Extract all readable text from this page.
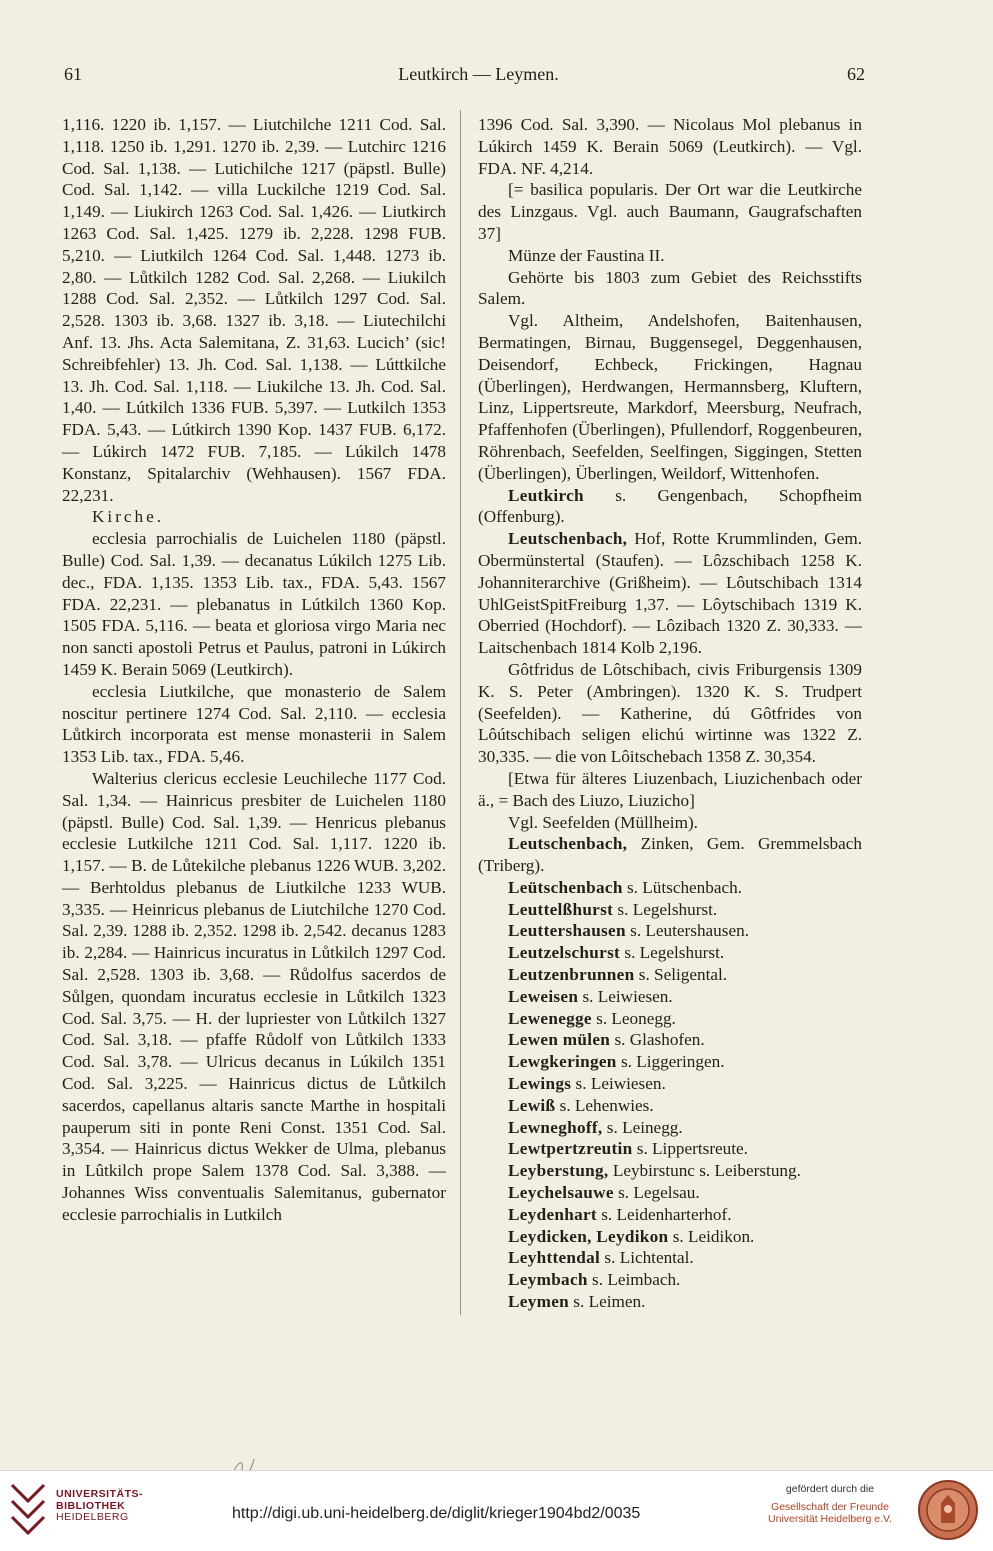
61	Leutkirch — Leymen.	62

1,116. 1220 ib. 1,157. — Liutchilche 1211 Cod. Sal. 1,118. 1250 ib. 1,291. 1270 ib. 2,39. — Lutchirc 1216 Cod. Sal. 1,138. — Lutichilche 1217 (päpstl. Bulle) Cod. Sal. 1,142. — villa Luckilche 1219 Cod. Sal. 1,149. — Liukirch 1263 Cod. Sal. 1,426. — Liutkirch 1263 Cod. Sal. 1,425. 1279 ib. 2,228. 1298 FUB. 5,210. — Liutkilch 1264 Cod. Sal. 1,448. 1273 ib. 2,80. — Lůtkilch 1282 Cod. Sal. 2,268. — Liukilch 1288 Cod. Sal. 2,352. — Lůtkilch 1297 Cod. Sal. 2,528. 1303 ib. 3,68. 1327 ib. 3,18. — Liutechilchi Anf. 13. Jhs. Acta Salemitana, Z. 31,63. Lucich’ (sic! Schreibfehler) 13. Jh. Cod. Sal. 1,138. — Lúttkilche 13. Jh. Cod. Sal. 1,118. — Liukilche 13. Jh. Cod. Sal. 1,40. — Lútkilch 1336 FUB. 5,397. — Lutkilch 1353 FDA. 5,43. — Lútkirch 1390 Kop. 1437 FUB. 6,172. — Lúkirch 1472 FUB. 7,185. — Lúkilch 1478 Konstanz, Spitalarchiv (Wehhausen). 1567 FDA. 22,231.

Kirche.

ecclesia parrochialis de Luichelen 1180 (päpstl. Bulle) Cod. Sal. 1,39. — decanatus Lúkilch 1275 Lib. dec., FDA. 1,135. 1353 Lib. tax., FDA. 5,43. 1567 FDA. 22,231. — plebanatus in Lútkilch 1360 Kop. 1505 FDA. 5,116. — beata et gloriosa virgo Maria nec non sancti apostoli Petrus et Paulus, patroni in Lúkirch 1459 K. Berain 5069 (Leutkirch).

ecclesia Liutkilche, que monasterio de Salem noscitur pertinere 1274 Cod. Sal. 2,110. — ecclesia Lůtkirch incorporata est mense monasterii in Salem 1353 Lib. tax., FDA. 5,46.

Walterius clericus ecclesie Leuchileche 1177 Cod. Sal. 1,34. — Hainricus presbiter de Luichelen 1180 (päpstl. Bulle) Cod. Sal. 1,39. — Henricus plebanus ecclesie Lutkilche 1211 Cod. Sal. 1,117. 1220 ib. 1,157. — B. de Lůtekilche plebanus 1226 WUB. 3,202. — Berhtoldus plebanus de Liutkilche 1233 WUB. 3,335. — Heinricus plebanus de Liutchilche 1270 Cod. Sal. 2,39. 1288 ib. 2,352. 1298 ib. 2,542. decanus 1283 ib. 2,284. — Hainricus incuratus in Lůtkilch 1297 Cod. Sal. 2,528. 1303 ib. 3,68. — Růdolfus sacerdos de Sůlgen, quondam incuratus ecclesie in Lůtkilch 1323 Cod. Sal. 3,75. — H. der lupriester von Lůtkilch 1327 Cod. Sal. 3,18. — pfaffe Růdolf von Lůtkilch 1333 Cod. Sal. 3,78. — Ulricus decanus in Lúkilch 1351 Cod. Sal. 3,225. — Hainricus dictus de Lůtkilch sacerdos, capellanus altaris sancte Marthe in hospitali pauperum siti in ponte Reni Const. 1351 Cod. Sal. 3,354. — Hainricus dictus Wekker de Ulma, plebanus in Lûtkilch prope Salem 1378 Cod. Sal. 3,388. — Johannes Wiss conventualis Salemitanus, gubernator ecclesie parrochialis in Lutkilch

1396 Cod. Sal. 3,390. — Nicolaus Mol plebanus in Lúkirch 1459 K. Berain 5069 (Leutkirch). — Vgl. FDA. NF. 4,214.

[= basilica popularis. Der Ort war die Leutkirche des Linzgaus. Vgl. auch Baumann, Gaugrafschaften 37]

Münze der Faustina II.

Gehörte bis 1803 zum Gebiet des Reichsstifts Salem.

Vgl. Altheim, Andelshofen, Baitenhausen, Bermatingen, Birnau, Buggensegel, Deggenhausen, Deisendorf, Echbeck, Frickingen, Hagnau (Überlingen), Herdwangen, Hermannsberg, Kluftern, Linz, Lippertsreute, Markdorf, Meersburg, Neufrach, Pfaffenhofen (Überlingen), Pfullendorf, Roggenbeuren, Röhrenbach, Seefelden, Seelfingen, Siggingen, Stetten (Überlingen), Überlingen, Weildorf, Wittenhofen.

Leutkirch s. Gengenbach, Schopfheim (Offenburg).

Leutschenbach, Hof, Rotte Krummlinden, Gem. Obermünstertal (Staufen). — Lôzschibach 1258 K. Johanniterarchive (Grißheim). — Lôutschibach 1314 UhlGeistSpitFreiburg 1,37. — Lôytschibach 1319 K. Oberried (Hochdorf). — Lôzibach 1320 Z. 30,333. — Laitschenbach 1814 Kolb 2,196.

Gôtfridus de Lôtschibach, civis Friburgensis 1309 K. S. Peter (Ambringen). 1320 K. S. Trudpert (Seefelden). — Katherine, dú Gôtfrides von Lôútschibach seligen elichú wirtinne was 1322 Z. 30,335. — die von Lôitschebach 1358 Z. 30,354.

[Etwa für älteres Liuzenbach, Liuzichenbach oder ä., = Bach des Liuzo, Liuzicho]

Vgl. Seefelden (Müllheim).

Leutschenbach, Zinken, Gem. Gremmelsbach (Triberg).

Leütschenbach s. Lütschenbach.

Leuttelßhurst s. Legelshurst.

Leuttershausen s. Leutershausen.

Leutzelschurst s. Legelshurst.

Leutzenbrunnen s. Seligental.

Leweisen s. Leiwiesen.

Lewenegge s. Leonegg.

Lewen mülen s. Glashofen.

Lewgkeringen s. Liggeringen.

Lewings s. Leiwiesen.

Lewiß s. Lehenwies.

Lewneghoff, s. Leinegg.

Lewtpertzreutin s. Lippertsreute.

Leyberstung, Leybirstunc s. Leiberstung.

Leychelsauwe s. Legelsau.

Leydenhart s. Leidenharterhof.

Leydicken, Leydikon s. Leidikon.

Leyhttendal s. Lichtental.

Leymbach s. Leimbach.

Leymen s. Leimen.

UNIVERSITÄTS-
BIBLIOTHEK
HEIDELBERG	http://digi.ub.uni-heidelberg.de/diglit/krieger1904bd2/0035
gefördert durch die
Gesellschaft der Freunde
Universität Heidelberg e.V.
